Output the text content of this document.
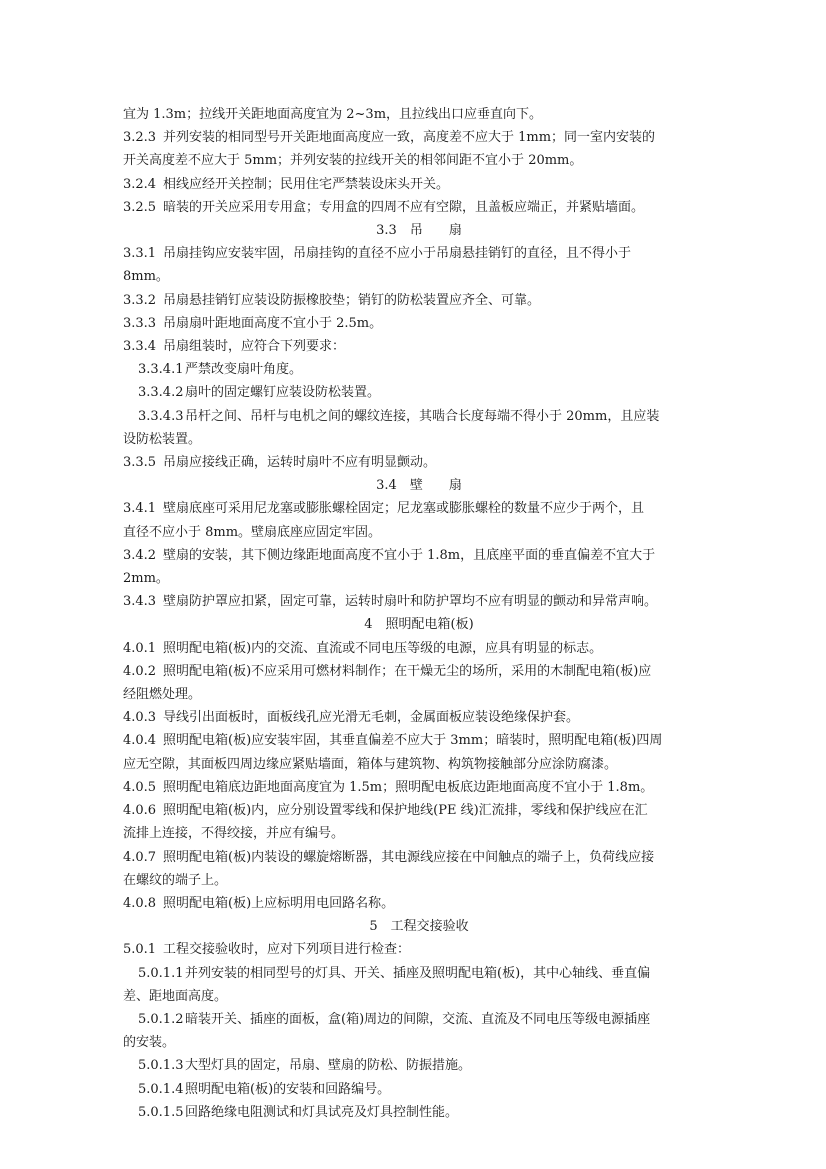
宜为 1.3m；拉线开关距地面高度宜为 2~3m，且拉线出口应垂直向下。

3.2.3 并列安装的相同型号开关距地面高度应一致，高度差不应大于 1mm；同一室内安装的

开关高度差不应大于 5mm；并列安装的拉线开关的相邻间距不宜小于 20mm。

3.2.4 相线应经开关控制；民用住宅严禁装设床头开关。

3.2.5 暗装的开关应采用专用盒；专用盒的四周不应有空隙，且盖板应端正，并紧贴墙面。

3.3　吊　　扇

3.3.1 吊扇挂钩应安装牢固，吊扇挂钩的直径不应小于吊扇悬挂销钉的直径，且不得小于

8mm。

3.3.2 吊扇悬挂销钉应装设防振橡胶垫；销钉的防松装置应齐全、可靠。

3.3.3 吊扇扇叶距地面高度不宜小于 2.5m。

3.3.4 吊扇组装时，应符合下列要求：

3.3.4.1 严禁改变扇叶角度。

3.3.4.2 扇叶的固定螺钉应装设防松装置。

3.3.4.3 吊杆之间、吊杆与电机之间的螺纹连接，其啮合长度每端不得小于 20mm，且应装

设防松装置。

3.3.5 吊扇应接线正确，运转时扇叶不应有明显颤动。

3.4　壁　　扇

3.4.1 壁扇底座可采用尼龙塞或膨胀螺栓固定；尼龙塞或膨胀螺栓的数量不应少于两个，且

直径不应小于 8mm。壁扇底座应固定牢固。

3.4.2 壁扇的安装，其下侧边缘距地面高度不宜小于 1.8m，且底座平面的垂直偏差不宜大于

2mm。

3.4.3 壁扇防护罩应扣紧，固定可靠，运转时扇叶和防护罩均不应有明显的颤动和异常声响。

4　照明配电箱(板)

4.0.1 照明配电箱(板)内的交流、直流或不同电压等级的电源，应具有明显的标志。

4.0.2 照明配电箱(板)不应采用可燃材料制作；在干燥无尘的场所，采用的木制配电箱(板)应

经阻燃处理。

4.0.3 导线引出面板时，面板线孔应光滑无毛刺，金属面板应装设绝缘保护套。

4.0.4 照明配电箱(板)应安装牢固，其垂直偏差不应大于 3mm；暗装时，照明配电箱(板)四周

应无空隙，其面板四周边缘应紧贴墙面，箱体与建筑物、构筑物接触部分应涂防腐漆。

4.0.5 照明配电箱底边距地面高度宜为 1.5m；照明配电板底边距地面高度不宜小于 1.8m。

4.0.6 照明配电箱(板)内，应分别设置零线和保护地线(PE 线)汇流排，零线和保护线应在汇

流排上连接，不得绞接，并应有编号。

4.0.7 照明配电箱(板)内装设的螺旋熔断器，其电源线应接在中间触点的端子上，负荷线应接

在螺纹的端子上。

4.0.8 照明配电箱(板)上应标明用电回路名称。

5　工程交接验收

5.0.1 工程交接验收时，应对下列项目进行检查：

5.0.1.1 并列安装的相同型号的灯具、开关、插座及照明配电箱(板)，其中心轴线、垂直偏

差、距地面高度。

5.0.1.2 暗装开关、插座的面板，盒(箱)周边的间隙，交流、直流及不同电压等级电源插座

的安装。

5.0.1.3 大型灯具的固定，吊扇、壁扇的防松、防振措施。

5.0.1.4 照明配电箱(板)的安装和回路编号。

5.0.1.5 回路绝缘电阻测试和灯具试亮及灯具控制性能。
